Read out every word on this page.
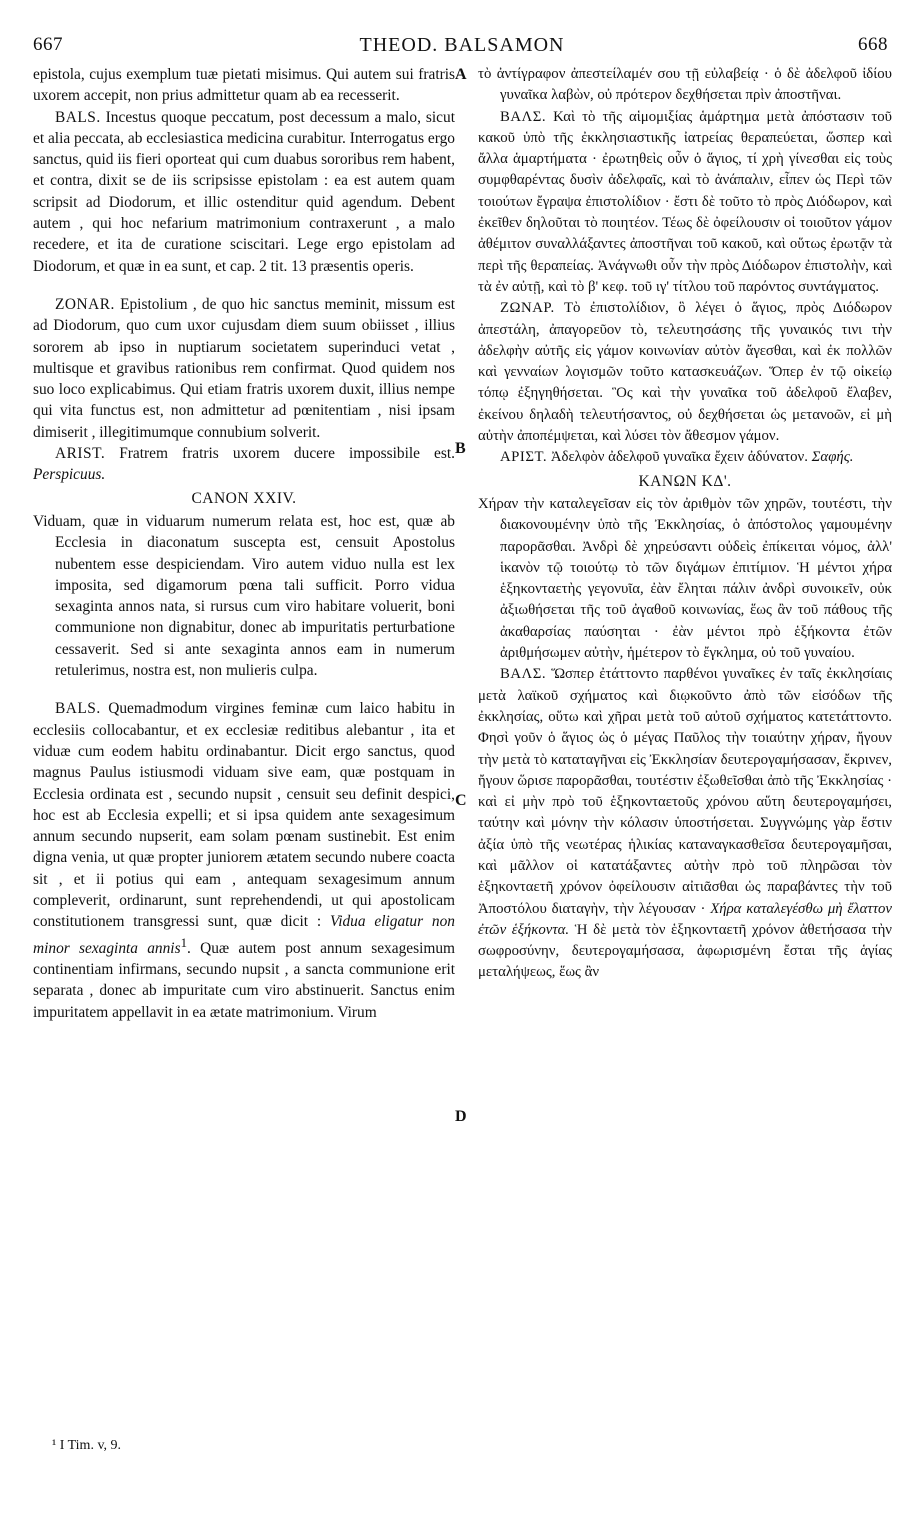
667	THEOD. BALSAMON	668
A
B
C
D

epistola, cujus exemplum tuæ pietati misimus. Qui autem sui fratris uxorem accepit, non prius admittetur quam ab ea recesserit.

BALS. Incestus quoque peccatum, post decessum a malo, sicut et alia peccata, ab ecclesiastica medicina curabitur. Interrogatus ergo sanctus, quid iis fieri oporteat qui cum duabus sororibus rem habent, et contra, dixit se de iis scripsisse epistolam : ea est autem quam scripsit ad Diodorum, et illic ostenditur quid agendum. Debent autem , qui hoc nefarium matrimonium contraxerunt , a malo recedere, et ita de curatione sciscitari. Lege ergo epistolam ad Diodorum, et quæ in ea sunt, et cap. 2 tit. 13 præsentis operis.

ZONAR. Epistolium , de quo hic sanctus meminit, missum est ad Diodorum, quo cum uxor cujusdam diem suum obiisset , illius sororem ab ipso in nuptiarum societatem superinduci vetat , multisque et gravibus rationibus rem confirmat. Quod quidem nos suo loco explicabimus. Qui etiam fratris uxorem duxit, illius nempe qui vita functus est, non admittetur ad pœnitentiam , nisi ipsam dimiserit , illegitimumque connubium solverit.

ARIST. Fratrem fratris uxorem ducere impossibile est. Perspicuus.

CANON XXIV.

Viduam, quæ in viduarum numerum relata est, hoc est, quæ ab Ecclesia in diaconatum suscepta est, censuit Apostolus nubentem esse despiciendam. Viro autem viduo nulla est lex imposita, sed digamorum pœna tali sufficit. Porro vidua sexaginta annos nata, si rursus cum viro habitare voluerit, boni communione non dignabitur, donec ab impuritatis perturbatione cessaverit. Sed si ante sexaginta annos eam in numerum retulerimus, nostra est, non mulieris culpa.

BALS. Quemadmodum virgines feminæ cum laico habitu in ecclesiis collocabantur, et ex ecclesiæ reditibus alebantur , ita et viduæ cum eodem habitu ordinabantur. Dicit ergo sanctus, quod magnus Paulus istiusmodi viduam sive eam, quæ postquam in Ecclesia ordinata est , secundo nupsit , censuit seu definit despici, hoc est ab Ecclesia expelli; et si ipsa quidem ante sexagesimum annum secundo nupserit, eam solam pœnam sustinebit. Est enim digna venia, ut quæ propter juniorem ætatem secundo nubere coacta sit , et ii potius qui eam , antequam sexagesimum annum compleverit, ordinarunt, sunt reprehendendi, ut qui apostolicam constitutionem transgressi sunt, quæ dicit : Vidua eligatur non minor sexaginta annis$^1$. Quæ autem post annum sexagesimum continentiam infirmans, secundo nupsit , a sancta communione erit separata , donec ab impuritate cum viro abstinuerit. Sanctus enim impuritatem appellavit in ea ætate matrimonium. Virum

τὸ ἀντίγραφον ἀπεστείλαμέν σου τῇ εὐλαβείᾳ · ὁ δὲ ἀδελφοῦ ἰδίου γυναῖκα λαβὼν, οὐ πρότερον δεχθήσεται πρὶν ἀποστῆναι.

ΒΑΛΣ. Καὶ τὸ τῆς αἱμομιξίας ἁμάρτημα μετὰ ἀπόστασιν τοῦ κακοῦ ὑπὸ τῆς ἐκκλησιαστικῆς ἰατρείας θεραπεύεται, ὥσπερ καὶ ἄλλα ἁμαρτήματα · ἐρωτηθεὶς οὖν ὁ ἅγιος, τί χρὴ γίνεσθαι εἰς τοὺς συμφθαρέντας δυσὶν ἀδελφαῖς, καὶ τὸ ἀνάπαλιν, εἶπεν ὡς Περὶ τῶν τοιούτων ἔγραψα ἐπιστολίδιον · ἔστι δὲ τοῦτο τὸ πρὸς Διόδωρον, καὶ ἐκεῖθεν δηλοῦται τὸ ποιητέον. Τέως δὲ ὀφείλουσιν οἱ τοιοῦτον γάμον ἀθέμιτον συναλλάξαντες ἀποστῆναι τοῦ κακοῦ, καὶ οὕτως ἐρωτᾷν τὰ περὶ τῆς θεραπείας. Ἀνάγνωθι οὖν τὴν πρὸς Διόδωρον ἐπιστολὴν, καὶ τὰ ἐν αὐτῇ, καὶ τὸ β' κεφ. τοῦ ιγ' τίτλου τοῦ παρόντος συντάγματος.

ΖΩΝΑΡ. Τὸ ἐπιστολίδιον, ὃ λέγει ὁ ἅγιος, πρὸς Διόδωρον ἀπεστάλη, ἀπαγορεῦον τὸ, τελευτησάσης τῆς γυναικός τινι τὴν ἀδελφὴν αὐτῆς εἰς γάμον κοινωνίαν αὐτὸν ἄγεσθαι, καὶ ἐκ πολλῶν καὶ γενναίων λογισμῶν τοῦτο κατασκευάζων. Ὅπερ ἐν τῷ οἰκείῳ τόπῳ ἐξηγηθήσεται. Ὃς καὶ τὴν γυναῖκα τοῦ ἀδελφοῦ ἔλαβεν, ἐκείνου δηλαδὴ τελευτήσαντος, οὐ δεχθήσεται ὡς μετανοῶν, εἰ μὴ αὐτὴν ἀποπέμψεται, καὶ λύσει τὸν ἄθεσμον γάμον.

ΑΡΙΣΤ. Ἀδελφὸν ἀδελφοῦ γυναῖκα ἔχειν ἀδύνατον. Σαφής.

ΚΑΝΩΝ ΚΔ'.

Χήραν τὴν καταλεγεῖσαν εἰς τὸν ἀριθμὸν τῶν χηρῶν, τουτέστι, τὴν διακονουμένην ὑπὸ τῆς Ἐκκλησίας, ὁ ἀπόστολος γαμουμένην παρορᾶσθαι. Ἀνδρὶ δὲ χηρεύσαντι οὐδεὶς ἐπίκειται νόμος, ἀλλ' ἱκανὸν τῷ τοιούτῳ τὸ τῶν διγάμων ἐπιτίμιον. Ἡ μέντοι χήρα ἑξηκονταετὴς γεγονυῖα, ἐὰν ἔληται πάλιν ἀνδρὶ συνοικεῖν, οὐκ ἀξιωθήσεται τῆς τοῦ ἀγαθοῦ κοινωνίας, ἕως ἂν τοῦ πάθους τῆς ἀκαθαρσίας παύσηται · ἐὰν μέντοι πρὸ ἑξήκοντα ἐτῶν ἀριθμήσωμεν αὐτὴν, ἡμέτερον τὸ ἔγκλημα, οὐ τοῦ γυναίου.

ΒΑΛΣ. Ὥσπερ ἐτάττοντο παρθένοι γυναῖκες ἐν ταῖς ἐκκλησίαις μετὰ λαϊκοῦ σχήματος καὶ διῳκοῦντο ἀπὸ τῶν εἰσόδων τῆς ἐκκλησίας, οὕτω καὶ χῆραι μετὰ τοῦ αὐτοῦ σχήματος κατετάττοντο. Φησὶ γοῦν ὁ ἅγιος ὡς ὁ μέγας Παῦλος τὴν τοιαύτην χήραν, ἤγουν τὴν μετὰ τὸ καταταγῆναι εἰς Ἐκκλησίαν δευτερογαμήσασαν, ἔκρινεν, ἤγουν ὥρισε παρορᾶσθαι, τουτέστιν ἐξωθεῖσθαι ἀπὸ τῆς Ἐκκλησίας · καὶ εἰ μὴν πρὸ τοῦ ἑξηκονταετοῦς χρόνου αὕτη δευτερογαμήσει, ταύτην καὶ μόνην τὴν κόλασιν ὑποστήσεται. Συγγνώμης γὰρ ἔστιν ἀξία ὑπὸ τῆς νεωτέρας ἡλικίας καταναγκασθεῖσα δευτερογαμῆσαι, καὶ μᾶλλον οἱ κατατάξαντες αὐτὴν πρὸ τοῦ πληρῶσαι τὸν ἑξηκονταετῆ χρόνον ὀφείλουσιν αἰτιᾶσθαι ὡς παραβάντες τὴν τοῦ Ἀποστόλου διαταγὴν, τὴν λέγουσαν · Χήρα καταλεγέσθω μὴ ἔλαττον ἐτῶν ἑξήκοντα. Ἡ δὲ μετὰ τὸν ἑξηκονταετῆ χρόνον ἀθετήσασα τὴν σωφροσύνην, δευτερογαμήσασα, ἀφωρισμένη ἔσται τῆς ἁγίας μεταλήψεως, ἕως ἂν

¹ I Tim. v, 9.
